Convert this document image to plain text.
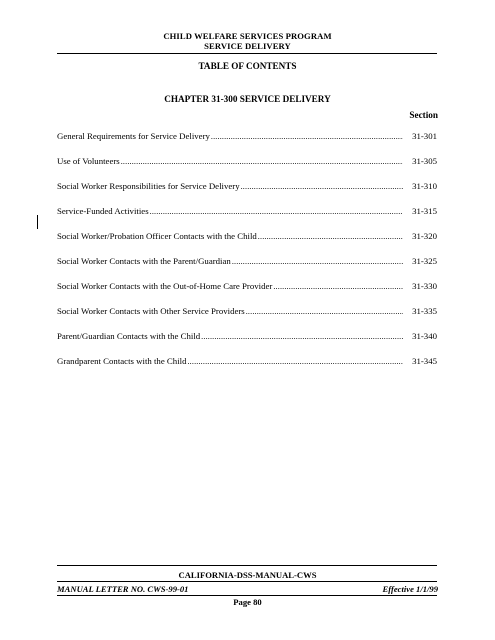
CHILD WELFARE SERVICES PROGRAM
SERVICE DELIVERY
TABLE OF CONTENTS
CHAPTER 31-300 SERVICE DELIVERY
Section
General Requirements for Service Delivery .....	31-301
Use of Volunteers .....	31-305
Social Worker Responsibilities for Service Delivery .....	31-310
Service-Funded Activities .....	31-315
Social Worker/Probation Officer Contacts with the Child .....	31-320
Social Worker Contacts with the Parent/Guardian .....	31-325
Social Worker Contacts with the Out-of-Home Care Provider .....	31-330
Social Worker Contacts with Other Service Providers .....	31-335
Parent/Guardian Contacts with the Child .....	31-340
Grandparent Contacts with the Child .....	31-345
CALIFORNIA-DSS-MANUAL-CWS
MANUAL LETTER NO. CWS-99-01	Effective 1/1/99
Page 80
